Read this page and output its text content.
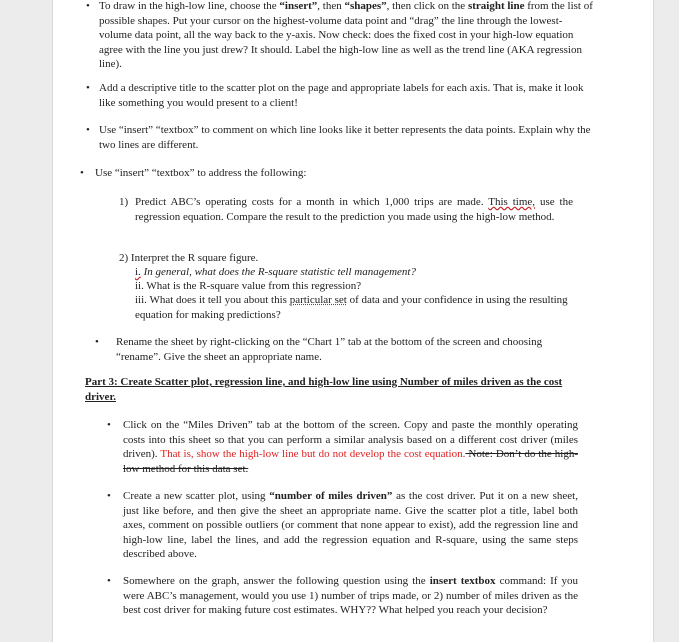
• To draw in the high-low line, choose the “insert”, then “shapes”, then click on the straight line from the list of possible shapes. Put your cursor on the highest-volume data point and “drag” the line through the lowest-volume data point, all the way back to the y-axis. Now check: does the fixed cost in your high-low equation agree with the line you just drew? It should. Label the high-low line as well as the trend line (AKA regression line).
• Add a descriptive title to the scatter plot on the page and appropriate labels for each axis. That is, make it look like something you would present to a client!
• Use “insert” “textbox” to comment on which line looks like it better represents the data points. Explain why the two lines are different.
• Use “insert” “textbox” to address the following:
1) Predict ABC’s operating costs for a month in which 1,000 trips are made. This time, use the regression equation. Compare the result to the prediction you made using the high-low method.
2) Interpret the R square figure.
i. In general, what does the R-square statistic tell management?
ii. What is the R-square value from this regression?
iii. What does it tell you about this particular set of data and your confidence in using the resulting equation for making predictions?
• Rename the sheet by right-clicking on the “Chart 1” tab at the bottom of the screen and choosing “rename”. Give the sheet an appropriate name.
Part 3: Create Scatter plot, regression line, and high-low line using Number of miles driven as the cost driver.
• Click on the “Miles Driven” tab at the bottom of the screen. Copy and paste the monthly operating costs into this sheet so that you can perform a similar analysis based on a different cost driver (miles driven). That is, show the high-low line but do not develop the cost equation. Note: Don’t do the high-low method for this data set.
• Create a new scatter plot, using “number of miles driven” as the cost driver. Put it on a new sheet, just like before, and then give the sheet an appropriate name. Give the scatter plot a title, label both axes, comment on possible outliers (or comment that none appear to exist), add the regression line and high-low line, label the lines, and add the regression equation and R-square, using the same steps described above.
• Somewhere on the graph, answer the following question using the insert textbox command: If you were ABC’s management, would you use 1) number of trips made, or 2) number of miles driven as the best cost driver for making future cost estimates. WHY?? What helped you reach your decision?
